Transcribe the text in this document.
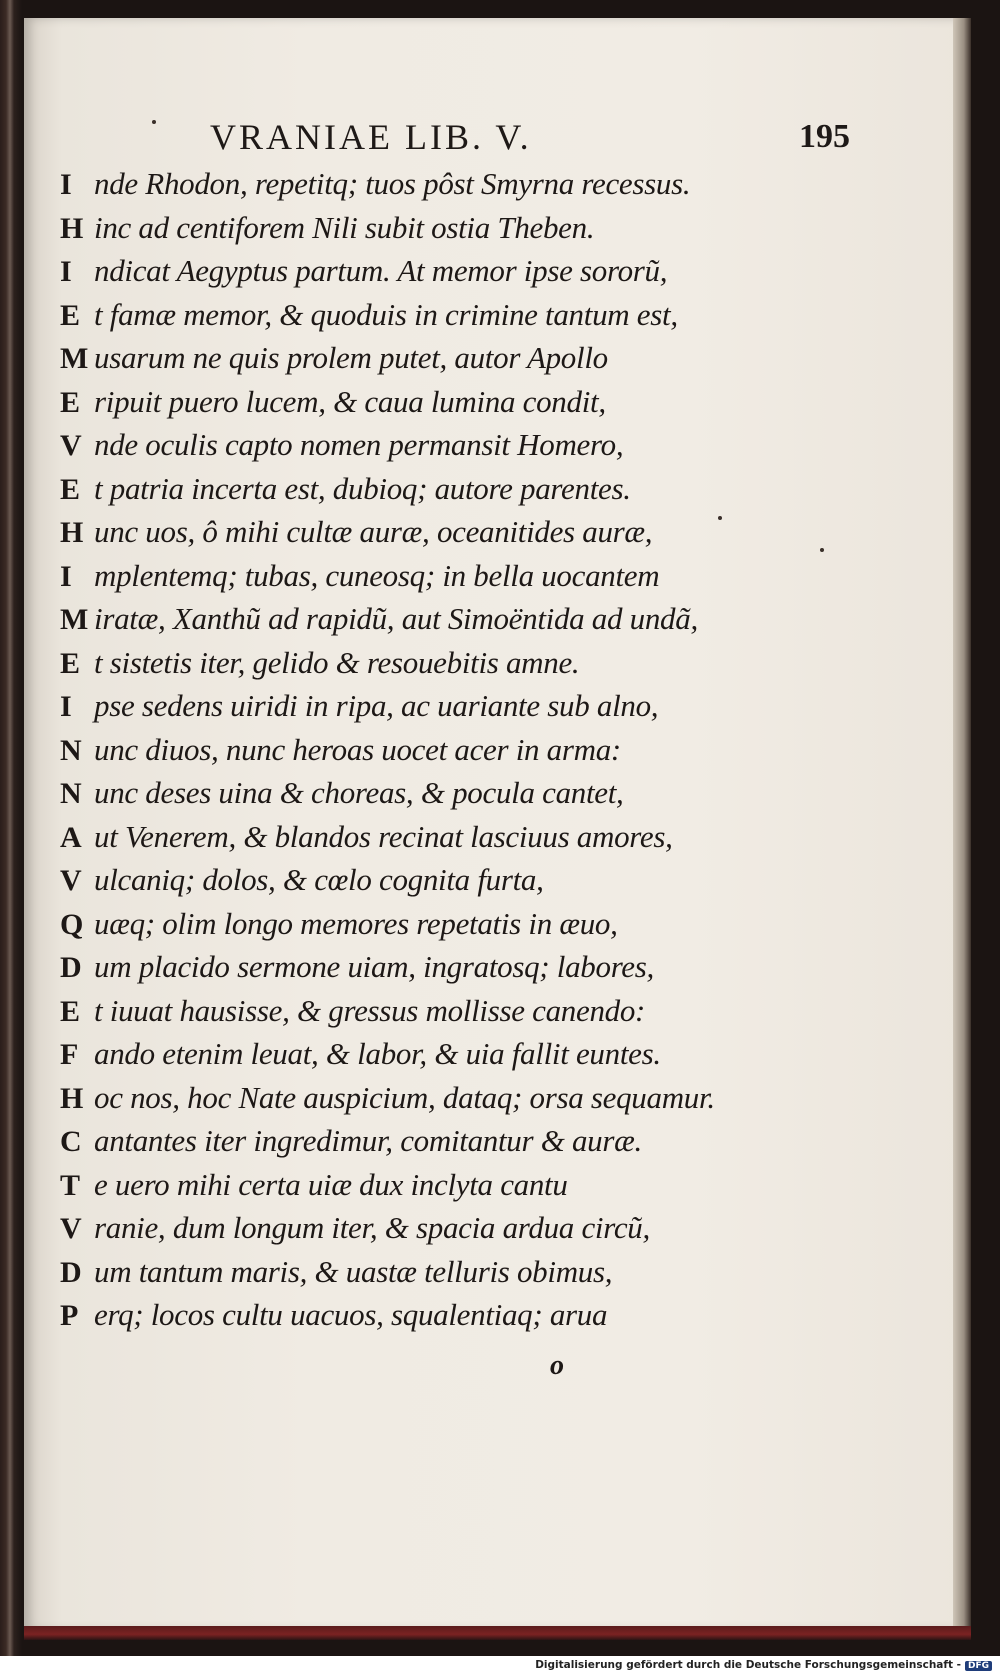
VRANIAE LIB. V.	195
I nde Rhodon, repetitq; tuos pôst Smyrna recessus.
H inc ad centiforem Nili subit ostia Theben.
I ndicat Aegyptus partum. At memor ipse sororũ,
E t famæ memor, & quoduis in crimine tantum est,
M usarum ne quis prolem putet, autor Apollo
E ripuit puero lucem, & caua lumina condit,
V nde oculis capto nomen permansit Homero,
E t patria incerta est, dubioq; autore parentes.
H unc uos, ô mihi cultæ auræ, oceanitides auræ,
I mplentemq; tubas, cuneosq; in bella uocantem
M iratæ, Xanthũ ad rapidũ, aut Simoëntida ad undã,
E t sistetis iter, gelido & resouebitis amne.
I pse sedens uiridi in ripa, ac uariante sub alno,
N unc diuos, nunc heroas uocet acer in arma:
N unc deses uina & choreas, & pocula cantet,
A ut Venerem, & blandos recinat lasciuus amores,
V ulcaniq; dolos, & cœlo cognita furta,
Q uæq; olim longo memores repetatis in æuo,
D um placido sermone uiam, ingratosq; labores,
E t iuuat hausisse, & gressus mollisse canendo:
F ando etenim leuat, & labor, & uia fallit euntes.
H oc nos, hoc Nate auspicium, dataq; orsa sequamur.
C antantes iter ingredimur, comitantur & auræ.
T e uero mihi certa uiæ dux inclyta cantu
V ranie, dum longum iter, & spacia ardua circũ,
D um tantum maris, & uastæ telluris obimus,
P erq; locos cultu uacuos, squalentiaq; arua
o
Digitalisierung gefördert durch die Deutsche Forschungsgemeinschaft - DFG
